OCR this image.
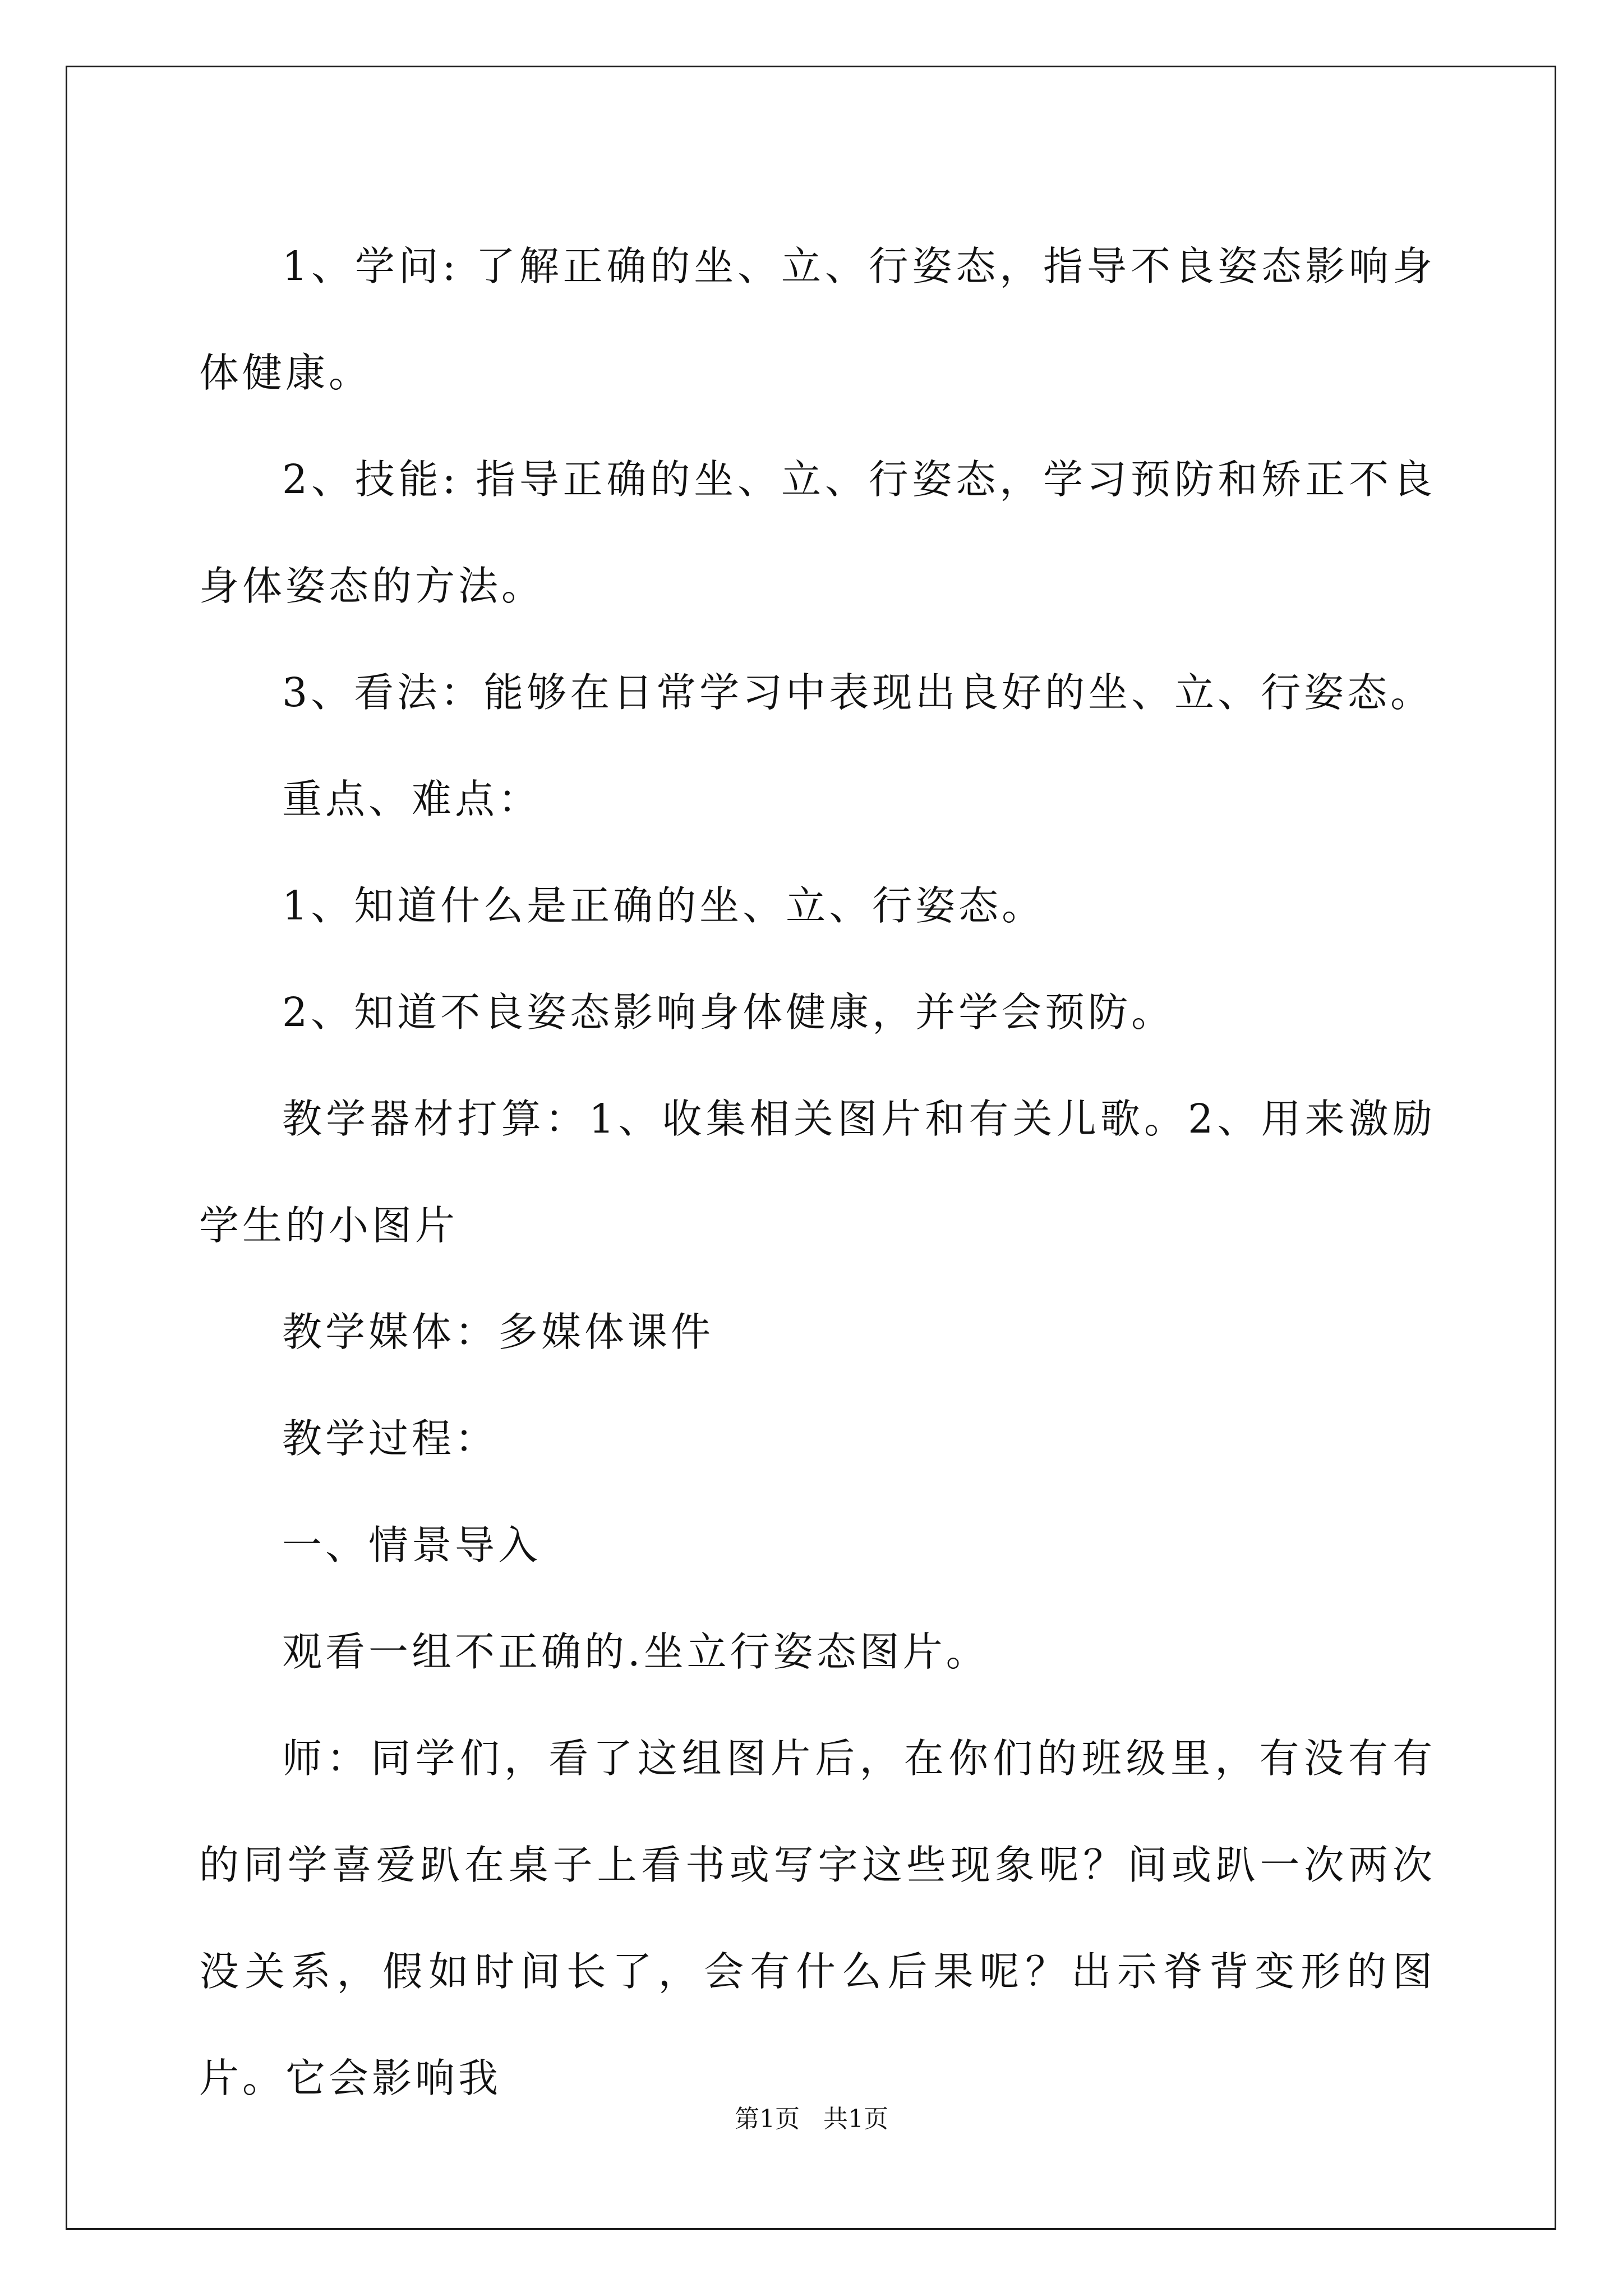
1、学问: 了解正确的坐、立、行姿态，指导不良姿态影响身体健康。

2、技能: 指导正确的坐、立、行姿态，学习预防和矫正不良身体姿态的方法。

3、看法：能够在日常学习中表现出良好的坐、立、行姿态。

重点、难点：

1、知道什么是正确的坐、立、行姿态。

2、知道不良姿态影响身体健康，并学会预防。

教学器材打算：1、收集相关图片和有关儿歌。2、用来激励学生的小图片

教学媒体：多媒体课件

教学过程：

一、情景导入

观看一组不正确的.坐立行姿态图片。

师：同学们，看了这组图片后，在你们的班级里，有没有有的同学喜爱趴在桌子上看书或写字这些现象呢？间或趴一次两次没关系，假如时间长了，会有什么后果呢？出示脊背变形的图片。它会影响我

第1页 共1页
